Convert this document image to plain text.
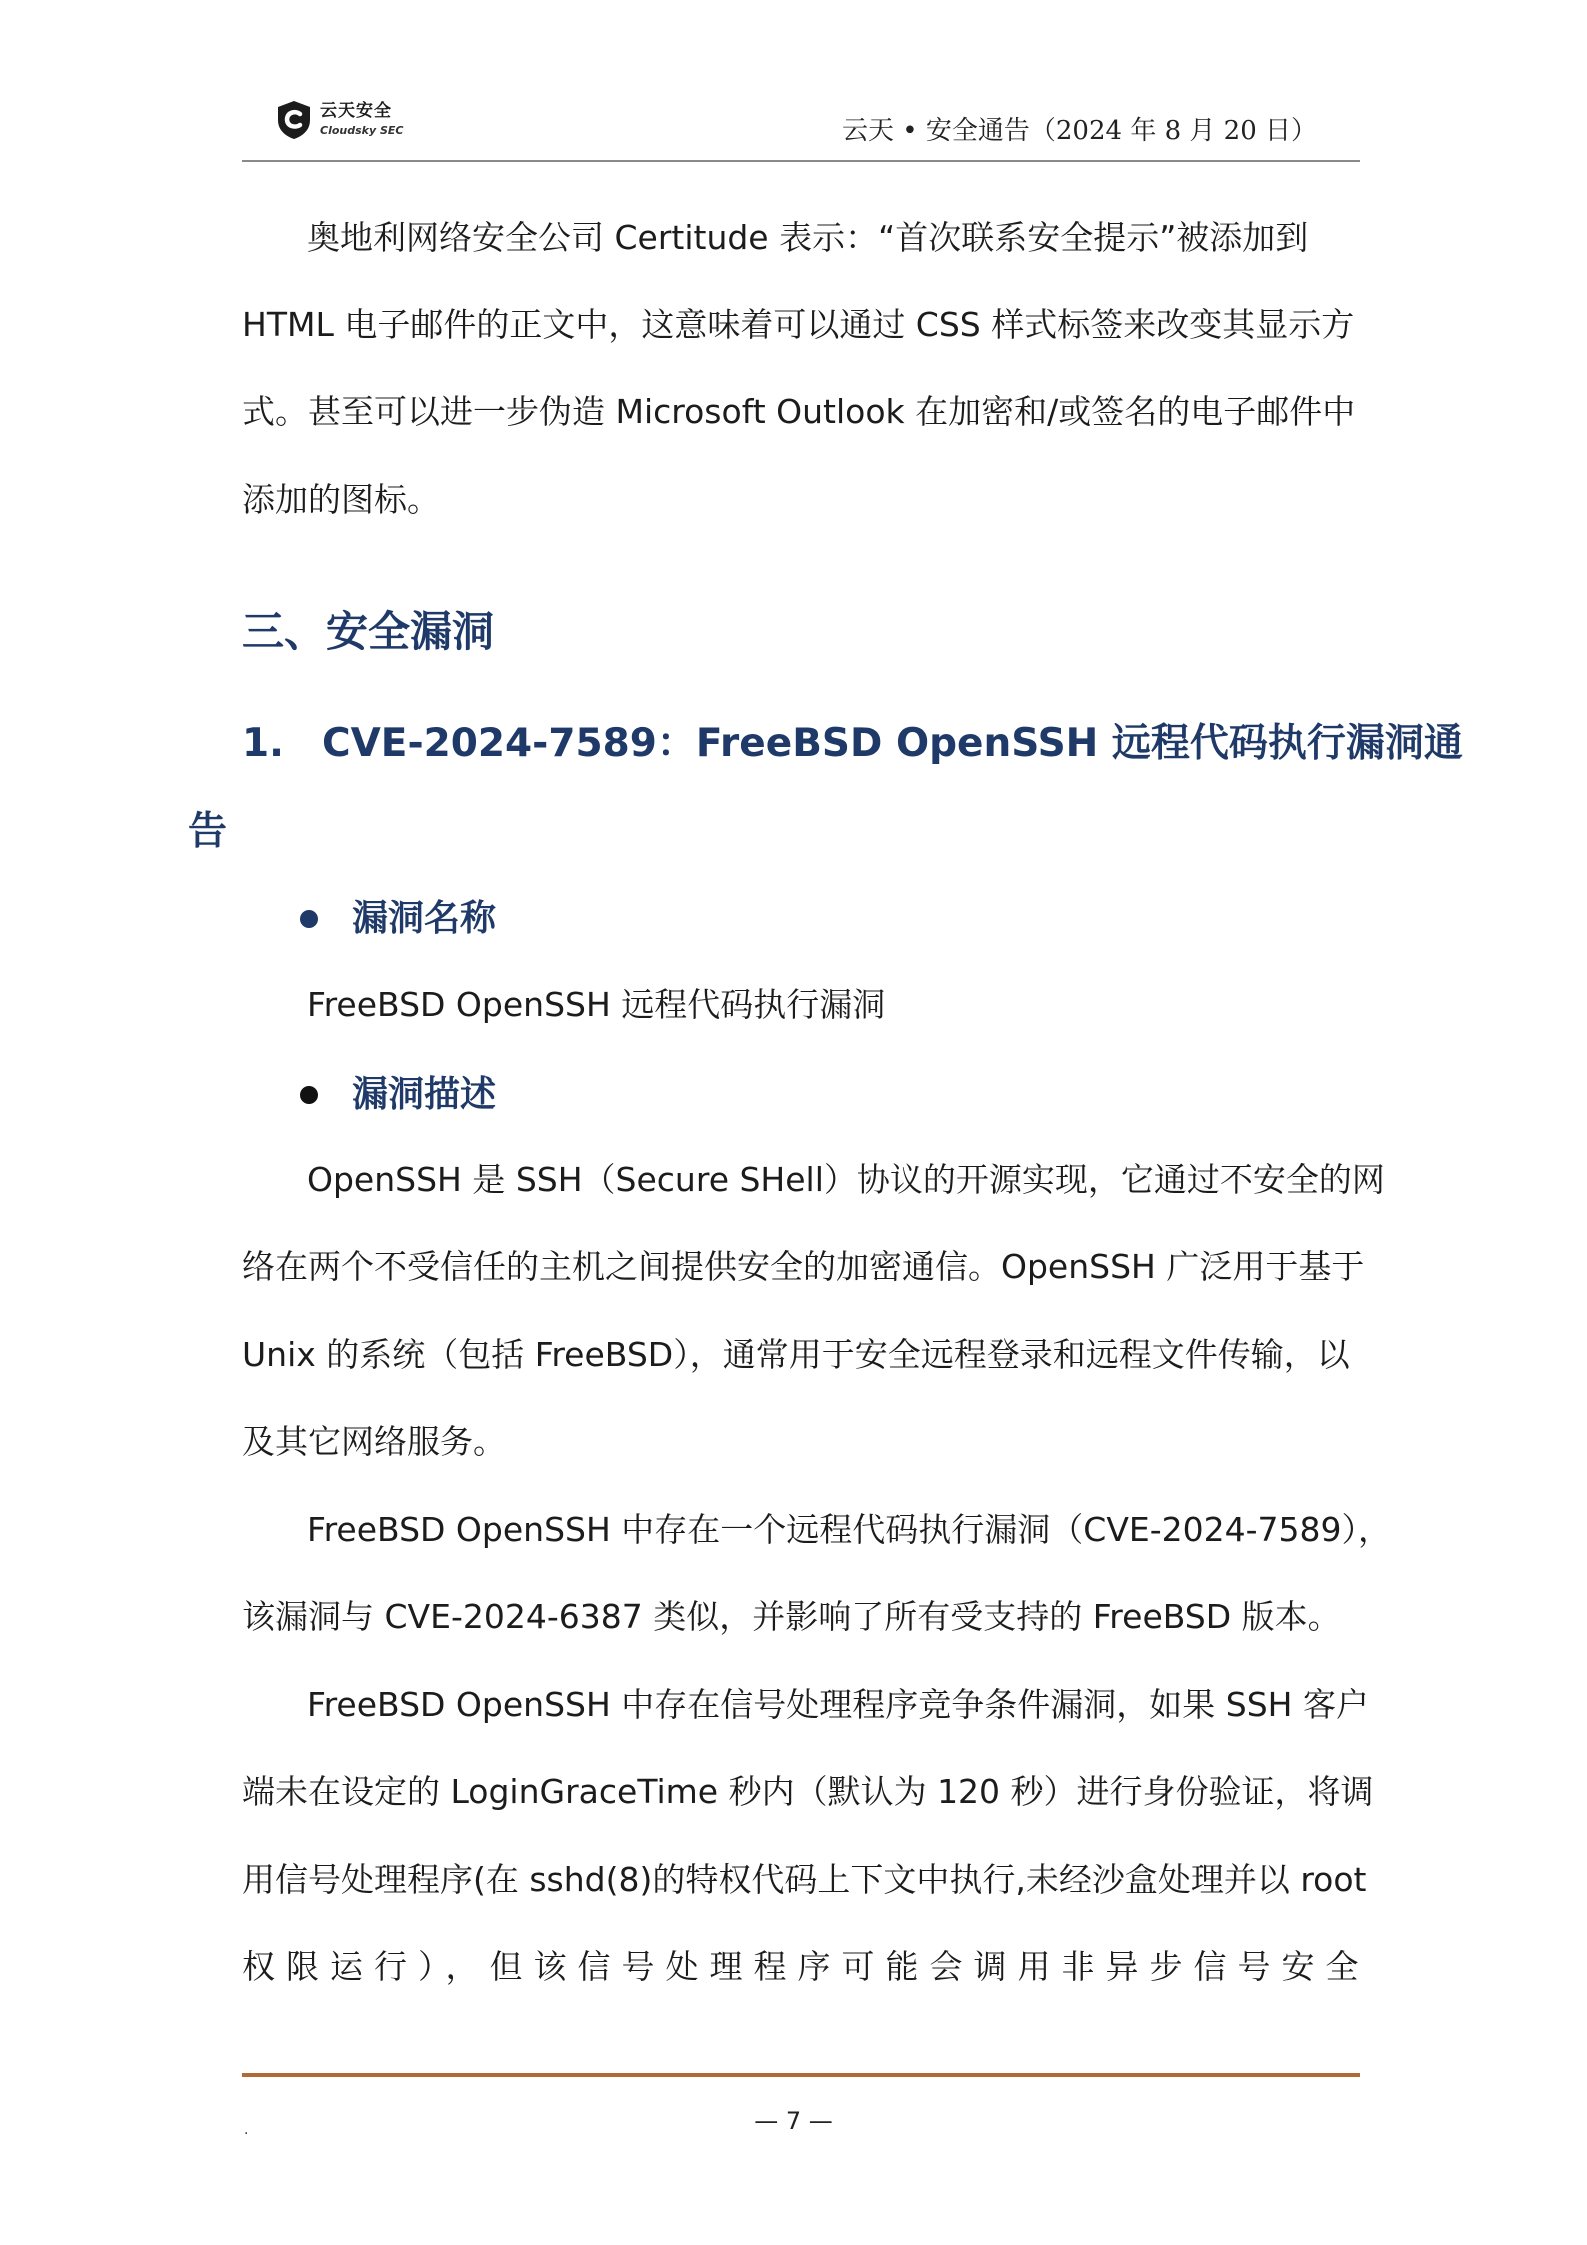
云天安全
Cloudsky SEC	云天 • 安全通告（2024 年 8 月 20 日）

奥地利网络安全公司 Certitude 表示：“首次联系安全提示”被添加到

HTML 电子邮件的正文中，这意味着可以通过 CSS 样式标签来改变其显示方

式。甚至可以进一步伪造 Microsoft Outlook 在加密和/或签名的电子邮件中

添加的图标。

三、安全漏洞
1. CVE-2024-7589：FreeBSD OpenSSH 远程代码执行漏洞通
告
漏洞名称

FreeBSD OpenSSH 远程代码执行漏洞

漏洞描述

OpenSSH 是 SSH（Secure SHell）协议的开源实现，它通过不安全的网

络在两个不受信任的主机之间提供安全的加密通信。OpenSSH 广泛用于基于

Unix 的系统（包括 FreeBSD），通常用于安全远程登录和远程文件传输，以

及其它网络服务。

FreeBSD OpenSSH 中存在一个远程代码执行漏洞（CVE-2024-7589），

该漏洞与 CVE-2024-6387 类似，并影响了所有受支持的 FreeBSD 版本。

FreeBSD OpenSSH 中存在信号处理程序竞争条件漏洞，如果 SSH 客户

端未在设定的 LoginGraceTime 秒内（默认为 120 秒）进行身份验证，将调

用信号处理程序(在 sshd(8)的特权代码上下文中执行,未经沙盒处理并以 root

权限运行），但该信号处理程序可能会调用非异步信号安全

.	— 7 —
